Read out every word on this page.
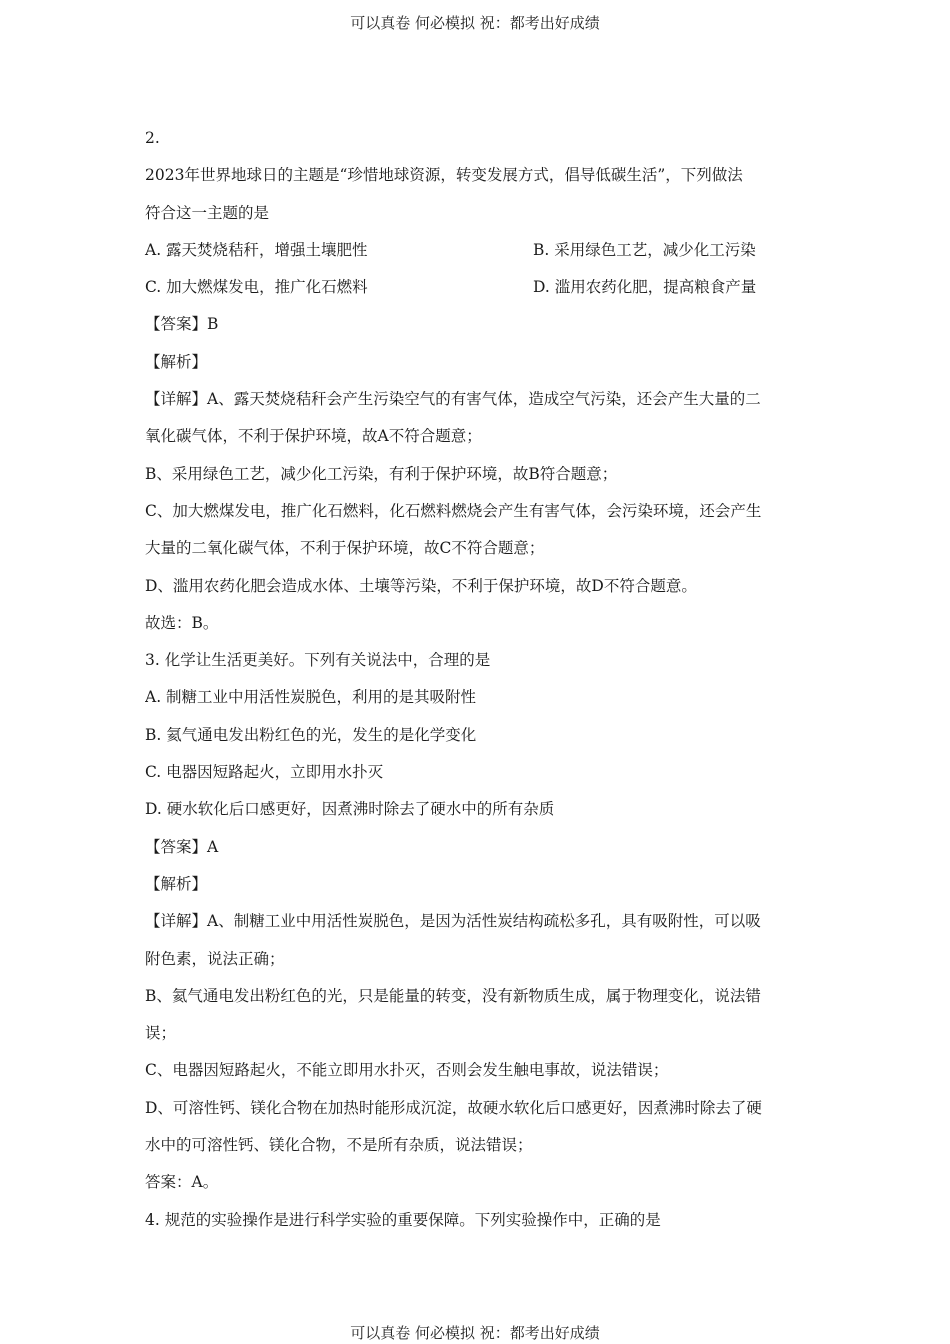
可以真卷 何必模拟 祝：都考出好成绩
2.
2023年世界地球日的主题是“珍惜地球资源，转变发展方式，倡导低碳生活”，下列做法
符合这一主题的是
A. 露天焚烧秸秆，增强土壤肥性	B. 采用绿色工艺，减少化工污染
C. 加大燃煤发电，推广化石燃料	D. 滥用农药化肥，提高粮食产量
【答案】B
【解析】
【详解】A、露天焚烧秸秆会产生污染空气的有害气体，造成空气污染，还会产生大量的二
氧化碳气体，不利于保护环境，故A不符合题意；
B、采用绿色工艺，减少化工污染，有利于保护环境，故B符合题意；
C、加大燃煤发电，推广化石燃料，化石燃料燃烧会产生有害气体，会污染环境，还会产生
大量的二氧化碳气体，不利于保护环境，故C不符合题意；
D、滥用农药化肥会造成水体、土壤等污染，不利于保护环境，故D不符合题意。
故选：B。
3. 化学让生活更美好。下列有关说法中，合理的是
A. 制糖工业中用活性炭脱色，利用的是其吸附性
B. 氦气通电发出粉红色的光，发生的是化学变化
C. 电器因短路起火，立即用水扑灭
D. 硬水软化后口感更好，因煮沸时除去了硬水中的所有杂质
【答案】A
【解析】
【详解】A、制糖工业中用活性炭脱色，是因为活性炭结构疏松多孔，具有吸附性，可以吸
附色素，说法正确；
B、氦气通电发出粉红色的光，只是能量的转变，没有新物质生成，属于物理变化，说法错
误；
C、电器因短路起火，不能立即用水扑灭，否则会发生触电事故，说法错误；
D、可溶性钙、镁化合物在加热时能形成沉淀，故硬水软化后口感更好，因煮沸时除去了硬
水中的可溶性钙、镁化合物，不是所有杂质，说法错误；
答案：A。
4. 规范的实验操作是进行科学实验的重要保障。下列实验操作中，正确的是
可以真卷 何必模拟 祝：都考出好成绩
